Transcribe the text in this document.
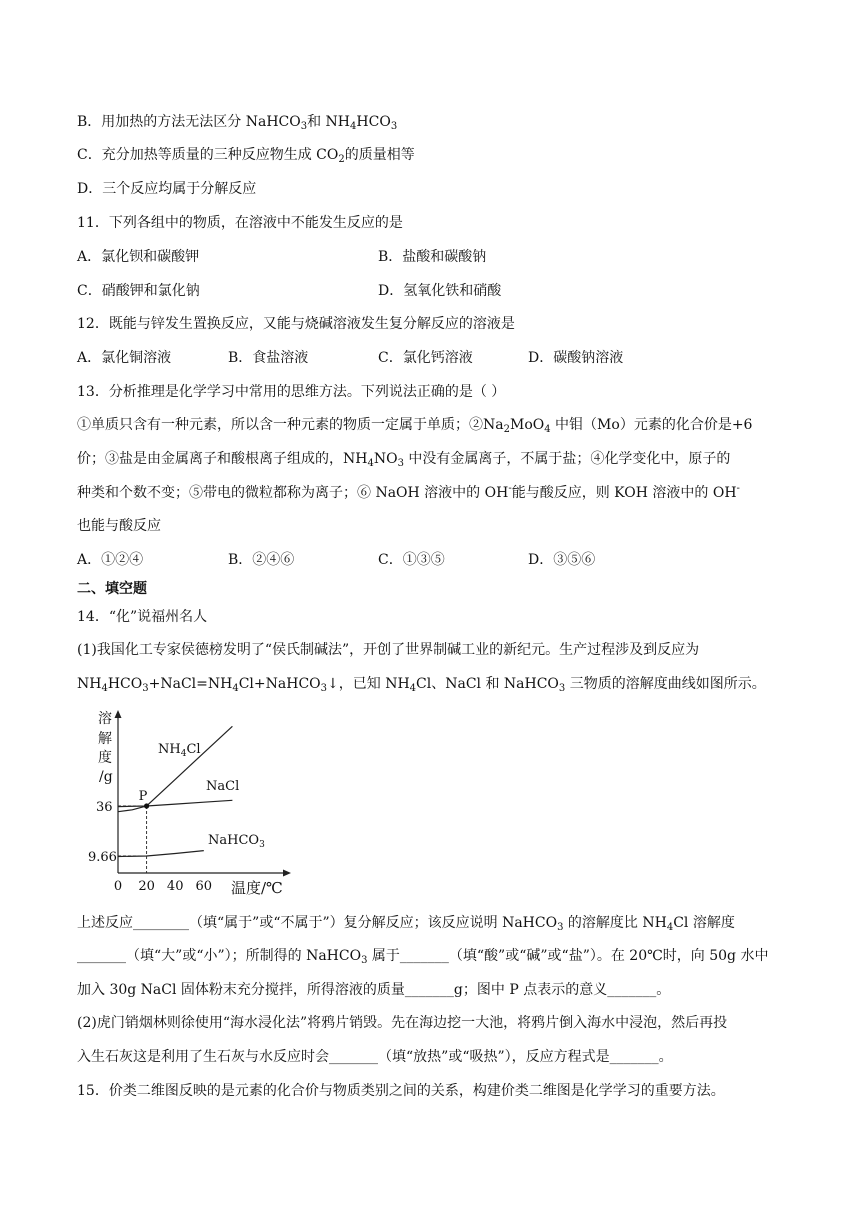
B．用加热的方法无法区分 NaHCO$_3$和 $NH_4HCO_3$
C．充分加热等质量的三种反应物生成 $CO_2$的质量相等
D．三个反应均属于分解反应
11．下列各组中的物质，在溶液中不能发生反应的是
A．氯化钡和碳酸钾	B．盐酸和碳酸钠
C．硝酸钾和氯化钠	D．氢氧化铁和硝酸
12．既能与锌发生置换反应，又能与烧碱溶液发生复分解反应的溶液是
A．氯化铜溶液	B．食盐溶液	C．氯化钙溶液	D．碳酸钠溶液
13．分析推理是化学学习中常用的思维方法。下列说法正确的是（ ）
①单质只含有一种元素，所以含一种元素的物质一定属于单质；$②Na_2MoO_4$ 中钼（Mo）元素的化合价是+6
价；③盐是由金属离子和酸根离子组成的，$NH_4NO_3$ 中没有金属离子，不属于盐；④化学变化中，原子的
种类和个数不变；⑤带电的微粒都称为离子；⑥ NaOH 溶液中的 OH-能与酸反应，则 KOH 溶液中的 OH-
也能与酸反应
A．①②④	B．②④⑥	C．①③⑤	D．③⑤⑥
二、填空题
14．“化”说福州名人
(1)我国化工专家侯德榜发明了“侯氏制碱法”，开创了世界制碱工业的新纪元。生产过程涉及到反应为
$NH_4HCO_3+NaCl=NH_4Cl+NaHCO_3↓$，已知 $NH_4Cl$、NaCl 和 NaHCO$_3$ 三物质的溶解度曲线如图所示。
溶
解
度
/g
36
9.66
0 20 40 60 温度/℃
P
$NH_4Cl$
NaCl
NaHCO$_3$
上述反应________（填“属于”或“不属于”）复分解反应；该反应说明 NaHCO$_3$ 的溶解度比 $NH_4Cl$ 溶解度
_______（填“大”或“小”）；所制得的 NaHCO$_3$ 属于_______（填“酸”或“碱”或“盐”）。在 20℃时，向 50g 水中
加入 30g NaCl 固体粉末充分搅拌，所得溶液的质量_______g；图中 P 点表示的意义_______。
(2)虎门销烟林则徐使用“海水浸化法”将鸦片销毁。先在海边挖一大池，将鸦片倒入海水中浸泡，然后再投
入生石灰这是利用了生石灰与水反应时会_______（填“放热”或“吸热”），反应方程式是_______。
15．价类二维图反映的是元素的化合价与物质类别之间的关系，构建价类二维图是化学学习的重要方法。
